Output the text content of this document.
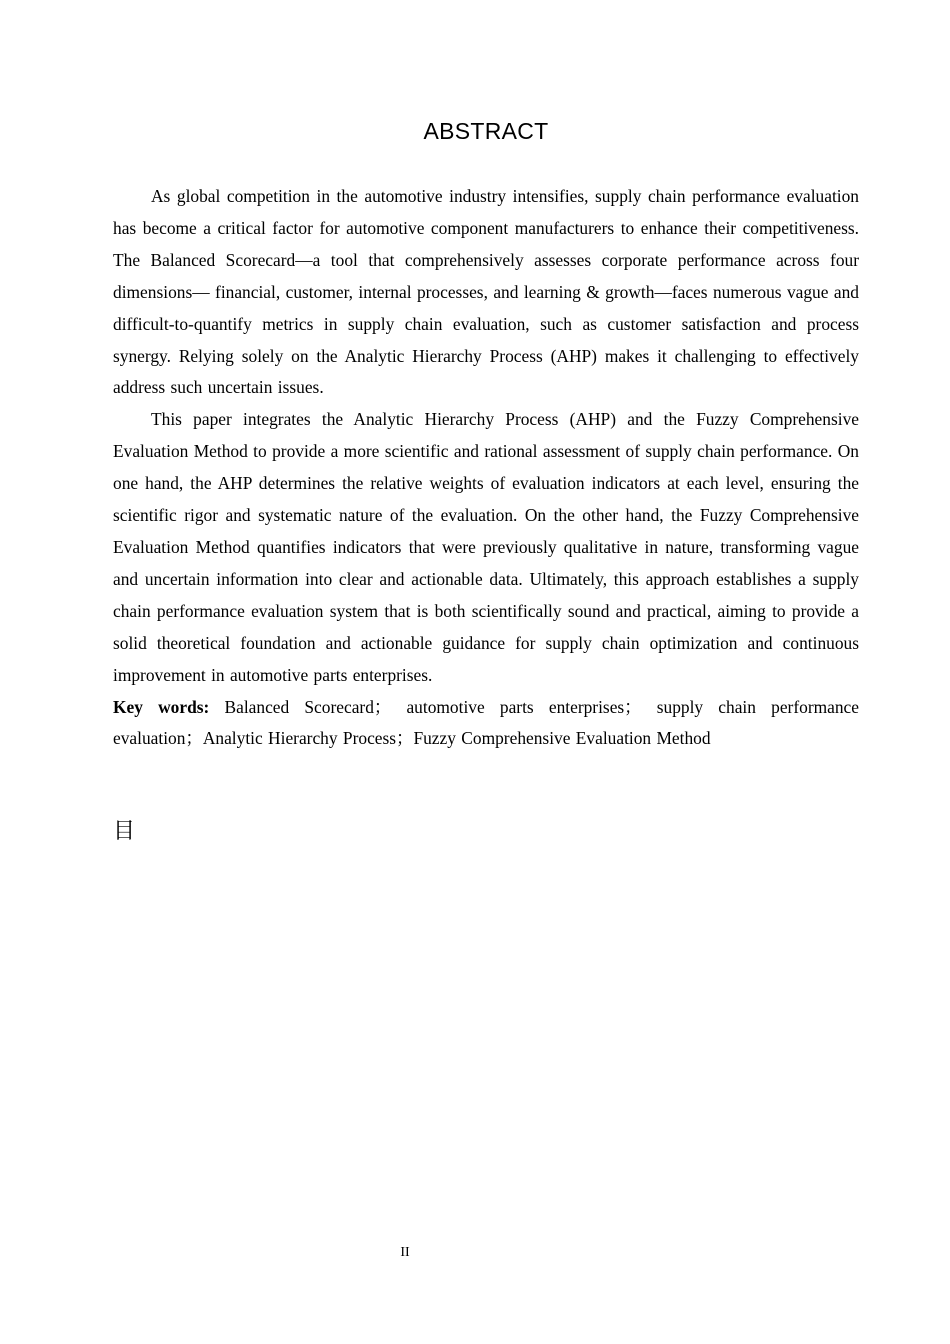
ABSTRACT

As global competition in the automotive industry intensifies, supply chain performance evaluation has become a critical factor for automotive component manufacturers to enhance their competitiveness. The Balanced Scorecard—a tool that comprehensively assesses corporate performance across four dimensions— financial, customer, internal processes, and learning & growth—faces numerous vague and difficult-to-quantify metrics in supply chain evaluation, such as customer satisfaction and process synergy. Relying solely on the Analytic Hierarchy Process (AHP) makes it challenging to effectively address such uncertain issues.

This paper integrates the Analytic Hierarchy Process (AHP) and the Fuzzy Comprehensive Evaluation Method to provide a more scientific and rational assessment of supply chain performance. On one hand, the AHP determines the relative weights of evaluation indicators at each level, ensuring the scientific rigor and systematic nature of the evaluation. On the other hand, the Fuzzy Comprehensive Evaluation Method quantifies indicators that were previously qualitative in nature, transforming vague and uncertain information into clear and actionable data. Ultimately, this approach establishes a supply chain performance evaluation system that is both scientifically sound and practical, aiming to provide a solid theoretical foundation and actionable guidance for supply chain optimization and continuous improvement in automotive parts enterprises.

Key words: Balanced Scorecard； automotive parts enterprises； supply chain performance evaluation；Analytic Hierarchy Process；Fuzzy Comprehensive Evaluation Method

目
II
